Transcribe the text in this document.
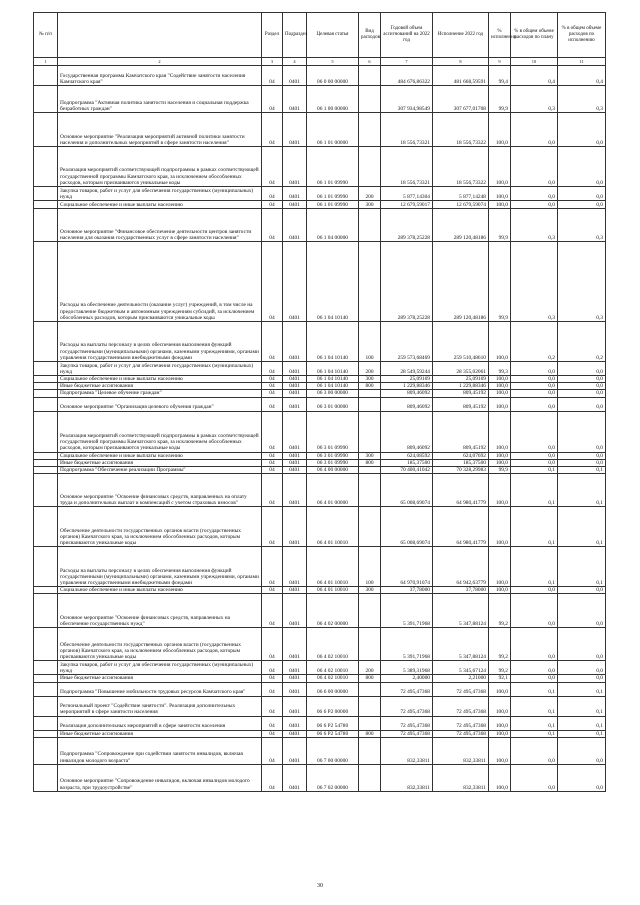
№ п/п		Раздел	Подраздел	Целевая статья	Вид расходов	Годовой объем ассигнований на 2022 год	Исполнение 2022 год	% исполнения	% в общем объеме расходов по плану	% в общем объеме расходов по исполнению
1	2	3	4	5	6	7	8	9	10	11
	Государственная программа Камчатского края "Содействие занятости населения Камчатского края"	04	0401	06 0 00 00000		484 676,86322	481 668,59591	99,4	0,4	0,4
	Подпрограмма "Активная политика занятости населения и социальная поддержка безработных граждан"	04	0401	06 1 00 00000		307 934,98549	307 677,01708	99,9	0,3	0,3
	Основное мероприятие "Реализация мероприятий активной политики занятости населения и дополнительных мероприятий в сфере занятости населения"	04	0401	06 1 01 00000		18 556,73321	18 556,73322	100,0	0,0	0,0
	Реализация мероприятий соответствующей подпрограммы в рамках соответствующей государственной программы Камчатского края, за исключением обособленных расходов, которым присваиваются уникальные коды	04	0401	06 1 01 09990		18 556,73321	18 556,73322	100,0	0,0	0,0
	Закупка товаров, работ и услуг для обеспечения государственных (муниципальных) нужд	04	0401	06 1 01 09990	200	5 877,14304	5 877,14248	100,0	0,0	0,0
	Социальное обеспечение и иные выплаты населению	04	0401	06 1 01 09990	300	12 679,59017	12 679,59074	100,0	0,0	0,0
	Основное мероприятие "Финансовое обеспечение деятельности центров занятости населения для оказания государственных услуг в сфере занятости населения"	04	0401	06 1 04 00000		289 378,25228	289 120,48186	99,9	0,3	0,3
	Расходы на обеспечение деятельности (оказание услуг) учреждений, в том числе на предоставление бюджетным и автономным учреждениям субсидий, за исключением обособленных расходов, которым присваиваются уникальные коды	04	0401	06 1 04 10140		289 378,25228	289 120,48186	99,9	0,3	0,3
	Расходы на выплаты персоналу в целях обеспечения выполнения функций государственными (муниципальными) органами, казенными учреждениями, органами управления государственными внебюджетными фондами	04	0401	06 1 04 10140	100	259 573,68469	259 510,48610	100,0	0,2	0,2
	Закупка товаров, работ и услуг для обеспечения государственных (муниципальных) нужд	04	0401	06 1 04 10140	200	28 549,59244	28 355,02061	99,3	0,0	0,0
	Социальное обеспечение и иные выплаты населению	04	0401	06 1 04 10140	300	25,09169	25,09169	100,0	0,0	0,0
	Иные бюджетные ассигнования	04	0401	06 1 04 10140	800	1 229,88346	1 229,88346	100,0	0,0	0,0
	Подпрограмма "Целевое обучение граждан"	04	0401	06 3 00 00000		809,46092	809,45192	100,0	0,0	0,0
	Основное мероприятие "Организация целевого обучения граждан"	04	0401	06 3 01 00000		809,46092	809,45192	100,0	0,0	0,0
	Реализация мероприятий соответствующей подпрограммы в рамках соответствующей государственной программы Камчатского края, за исключением обособленных расходов, которым присваиваются уникальные коды	04	0401	06 3 01 09990		809,46092	809,45192	100,0	0,0	0,0
	Социальное обеспечение и иные выплаты населению	04	0401	06 3 01 09990	300	624,08592	624,07692	100,0	0,0	0,0
	Иные бюджетные ассигнования	04	0401	06 3 01 09990	800	185,37500	185,37500	100,0	0,0	0,0
	Подпрограмма "Обеспечение реализации Программы"	04	0401	06 4 00 00000		70 400,41042	70 328,29983	99,9	0,1	0,1
	Основное мероприятие "Освоение финансовых средств, направленных на оплату труда и дополнительных выплат и компенсаций с учетом страховых взносов"	04	0401	06 4 01 00000		65 008,69074	64 980,41779	100,0	0,1	0,1
	Обеспечение деятельности государственных органов власти (государственных органов) Камчатского края, за исключением обособленных расходов, которым присваиваются уникальные коды	04	0401	06 4 01 10010		65 008,69074	64 980,41779	100,0	0,1	0,1
	Расходы на выплаты персоналу в целях обеспечения выполнения функций государственными (муниципальными) органами, казенными учреждениями, органами управления государственными внебюджетными фондами	04	0401	06 4 01 10010	100	64 970,91074	64 942,63779	100,0	0,1	0,1
	Социальное обеспечение и иные выплаты населению	04	0401	06 4 01 10010	300	37,78000	37,78000	100,0	0,0	0,0
	Основное мероприятие "Освоение финансовых средств, направленных на обеспечение государственных нужд"	04	0401	06 4 02 00000		5 391,71968	5 347,88124	99,2	0,0	0,0
	Обеспечение деятельности государственных органов власти (государственных органов) Камчатского края, за исключением обособленных расходов, которым присваиваются уникальные коды	04	0401	06 4 02 10010		5 391,71968	5 347,88124	99,2	0,0	0,0
	Закупка товаров, работ и услуг для обеспечения государственных (муниципальных) нужд	04	0401	06 4 02 10010	200	5 389,31968	5 345,67124	99,2	0,0	0,0
	Иные бюджетные ассигнования	04	0401	06 4 02 10010	800	2,40000	2,21000	92,1	0,0	0,0
	Подпрограмма "Повышение мобильности трудовых ресурсов Камчатского края"	04	0401	06 6 00 00000		72 495,47368	72 495,47368	100,0	0,1	0,1
	Региональный проект "Содействие занятости". Реализация дополнительных мероприятий в сфере занятости населения	04	0401	06 6 P2 00000		72 495,47368	72 495,47368	100,0	0,1	0,1
	Реализация дополнительных мероприятий в сфере занятости населения	04	0401	06 6 P2 54780		72 495,47368	72 495,47368	100,0	0,1	0,1
	Иные бюджетные ассигнования	04	0401	06 6 P2 54780	800	72 495,47368	72 495,47368	100,0	0,1	0,1
	Подпрограмма "Сопровождение при содействии занятости инвалидов, включая инвалидов молодого возраста"	04	0401	06 7 00 00000		832,33811	832,33811	100,0	0,0	0,0
	Основное мероприятие "Сопровождение инвалидов, включая инвалидов молодого возраста, при трудоустройстве"	04	0401	06 7 02 00000		832,33811	832,33811	100,0	0,0	0,0
30
